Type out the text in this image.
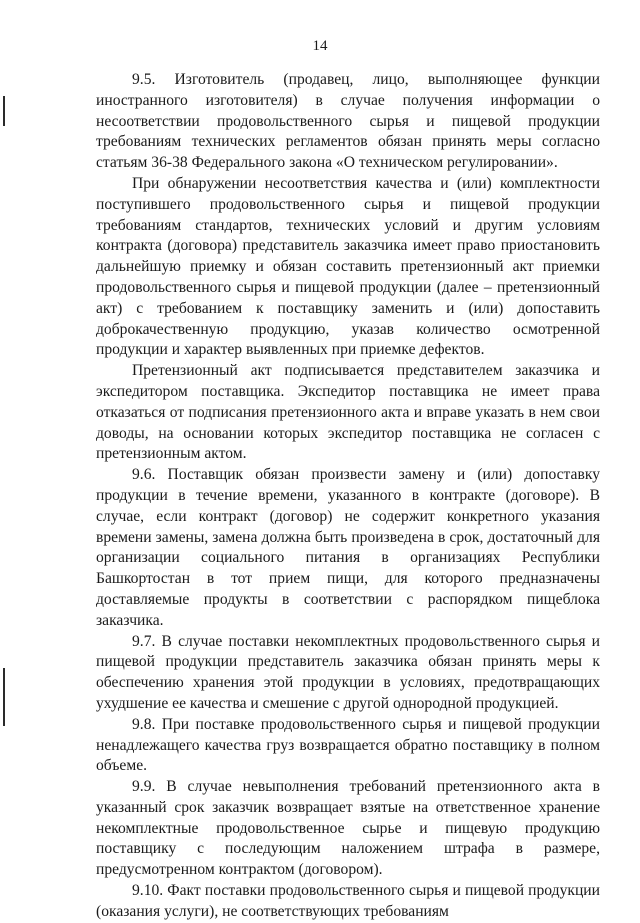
14

9.5. Изготовитель (продавец, лицо, выполняющее функции иностранного изготовителя) в случае получения информации о несоответствии продовольственного сырья и пищевой продукции требованиям технических регламентов обязан принять меры согласно статьям 36-38 Федерального закона «О техническом регулировании».

При обнаружении несоответствия качества и (или) комплектности поступившего продовольственного сырья и пищевой продукции требованиям стандартов, технических условий и другим условиям контракта (договора) представитель заказчика имеет право приостановить дальнейшую приемку и обязан составить претензионный акт приемки продовольственного сырья и пищевой продукции (далее – претензионный акт) с требованием к поставщику заменить и (или) допоставить доброкачественную продукцию, указав количество осмотренной продукции и характер выявленных при приемке дефектов.

Претензионный акт подписывается представителем заказчика и экспедитором поставщика. Экспедитор поставщика не имеет права отказаться от подписания претензионного акта и вправе указать в нем свои доводы, на основании которых экспедитор поставщика не согласен с претензионным актом.

9.6. Поставщик обязан произвести замену и (или) допоставку продукции в течение времени, указанного в контракте (договоре). В случае, если контракт (договор) не содержит конкретного указания времени замены, замена должна быть произведена в срок, достаточный для организации социального питания в организациях Республики Башкортостан в тот прием пищи, для которого предназначены доставляемые продукты в соответствии с распорядком пищеблока заказчика.

9.7. В случае поставки некомплектных продовольственного сырья и пищевой продукции представитель заказчика обязан принять меры к обеспечению хранения этой продукции в условиях, предотвращающих ухудшение ее качества и смешение с другой однородной продукцией.

9.8. При поставке продовольственного сырья и пищевой продукции ненадлежащего качества груз возвращается обратно поставщику в полном объеме.

9.9. В случае невыполнения требований претензионного акта в указанный срок заказчик возвращает взятые на ответственное хранение некомплектные продовольственное сырье и пищевую продукцию поставщику с последующим наложением штрафа в размере, предусмотренном контрактом (договором).

9.10. Факт поставки продовольственного сырья и пищевой продукции (оказания услуги), не соответствующих требованиям
